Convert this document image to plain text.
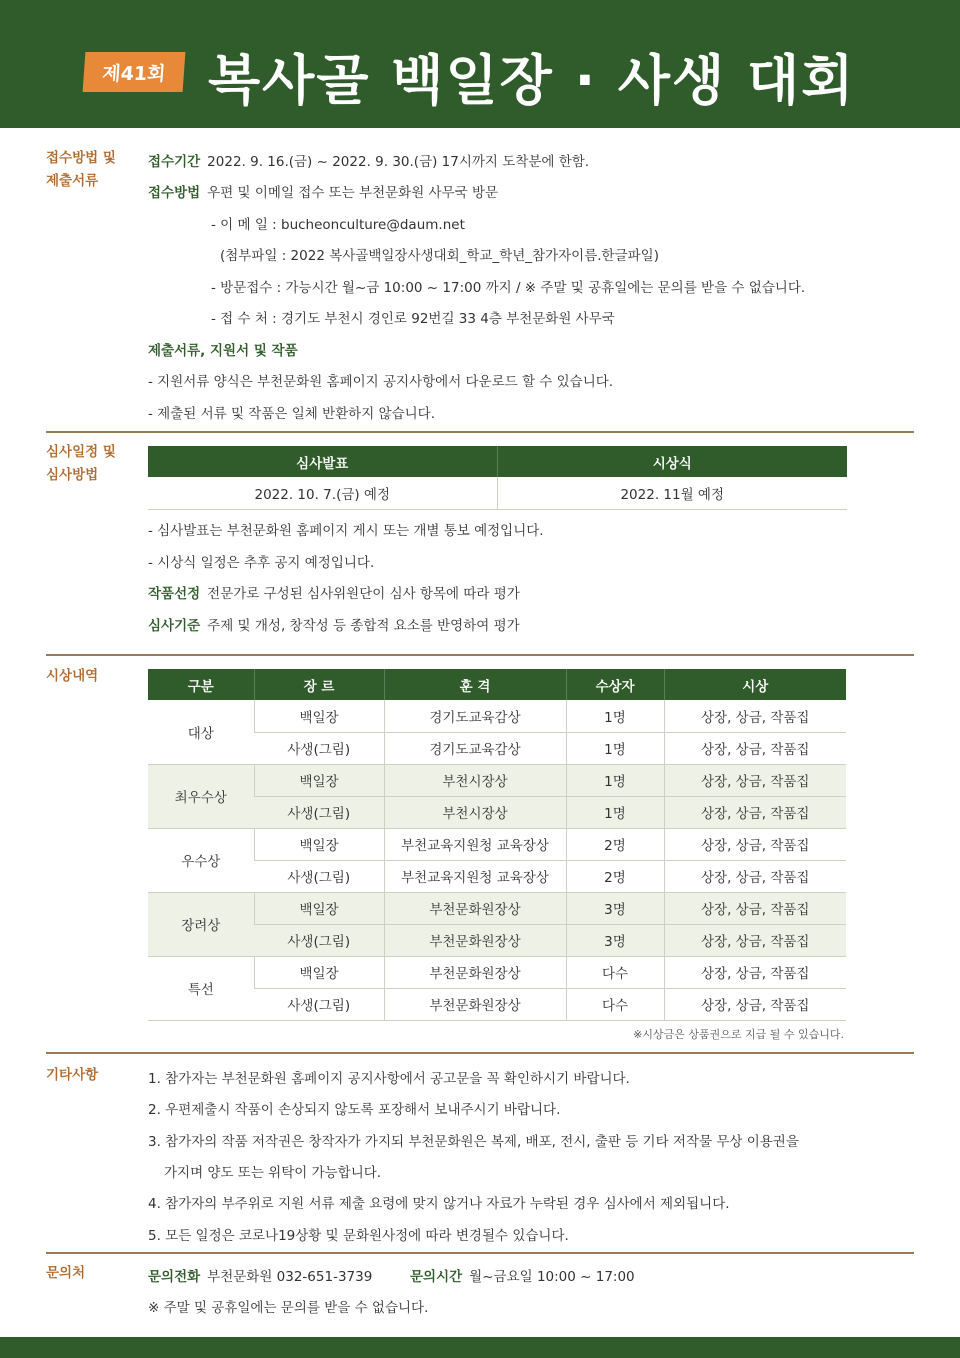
제41회 복사골 백일장 · 사생 대회
접수방법 및
제출서류
접수기간 2022. 9. 16.(금) ~ 2022. 9. 30.(금) 17시까지 도착분에 한함.
접수방법 우편 및 이메일 접수 또는 부천문화원 사무국 방문
- 이 메 일 : bucheonculture@daum.net
(첨부파일 : 2022 복사골백일장사생대회_학교_학년_참가자이름.한글파일)
- 방문접수 : 가능시간 월~금 10:00 ~ 17:00 까지 / ※ 주말 및 공휴일에는 문의를 받을 수 없습니다.
- 접 수 처 : 경기도 부천시 경인로 92번길 33 4층 부천문화원 사무국
제출서류, 지원서 및 작품
- 지원서류 양식은 부천문화원 홈페이지 공지사항에서 다운로드 할 수 있습니다.
- 제출된 서류 및 작품은 일체 반환하지 않습니다.
심사일정 및
심사방법
심사발표	시상식
2022. 10. 7.(금) 예정	2022. 11월 예정
- 심사발표는 부천문화원 홈페이지 게시 또는 개별 통보 예정입니다.
- 시상식 일정은 추후 공지 예정입니다.
작품선정 전문가로 구성된 심사위원단이 심사 항목에 따라 평가
심사기준 주제 및 개성, 창작성 등 종합적 요소를 반영하여 평가
시상내역
구분	장 르	훈 격	수상자	시상
대상	백일장	경기도교육감상	1명	상장, 상금, 작품집
	사생(그림)	경기도교육감상	1명	상장, 상금, 작품집
최우수상	백일장	부천시장상	1명	상장, 상금, 작품집
	사생(그림)	부천시장상	1명	상장, 상금, 작품집
우수상	백일장	부천교육지원청 교육장상	2명	상장, 상금, 작품집
	사생(그림)	부천교육지원청 교육장상	2명	상장, 상금, 작품집
장려상	백일장	부천문화원장상	3명	상장, 상금, 작품집
	사생(그림)	부천문화원장상	3명	상장, 상금, 작품집
특선	백일장	부천문화원장상	다수	상장, 상금, 작품집
	사생(그림)	부천문화원장상	다수	상장, 상금, 작품집
※시상금은 상품권으로 지급 될 수 있습니다.
기타사항	1. 참가자는 부천문화원 홈페이지 공지사항에서 공고문을 꼭 확인하시기 바랍니다.
2. 우편제출시 작품이 손상되지 않도록 포장해서 보내주시기 바랍니다.
3. 참가자의 작품 저작권은 창작자가 가지되 부천문화원은 복제, 배포, 전시, 출판 등 기타 저작물 무상 이용권을
가지며 양도 또는 위탁이 가능합니다.
4. 참가자의 부주위로 지원 서류 제출 요령에 맞지 않거나 자료가 누락된 경우 심사에서 제외됩니다.
5. 모든 일정은 코로나19상황 및 문화원사정에 따라 변경될수 있습니다.
문의처	문의전화 부천문화원 032-651-3739	문의시간 월~금요일 10:00 ~ 17:00
※ 주말 및 공휴일에는 문의를 받을 수 없습니다.
